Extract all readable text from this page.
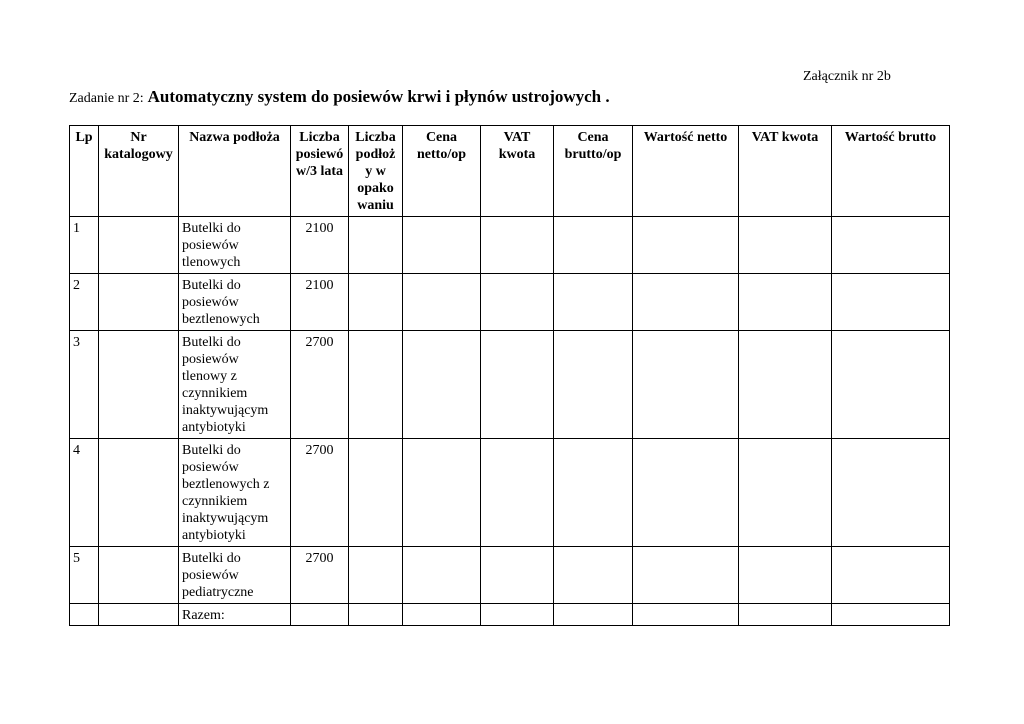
Załącznik nr 2b
Zadanie nr 2: Automatyczny system do posiewów krwi i płynów ustrojowych .
Lp	Nr katalogowy	Nazwa podłoża	Liczba posiewó w/3 lata	Liczba podłoż y w opako waniu	Cena netto/op	VAT kwota	Cena brutto/op	Wartość netto	VAT kwota	Wartość brutto
1		Butelki do posiewów tlenowych	2100							
2		Butelki do posiewów beztlenowych	2100							
3		Butelki do posiewów tlenowy z czynnikiem inaktywującym antybiotyki	2700							
4		Butelki do posiewów beztlenowych z czynnikiem inaktywującym antybiotyki	2700							
5		Butelki do posiewów pediatryczne	2700							
		Razem:								
